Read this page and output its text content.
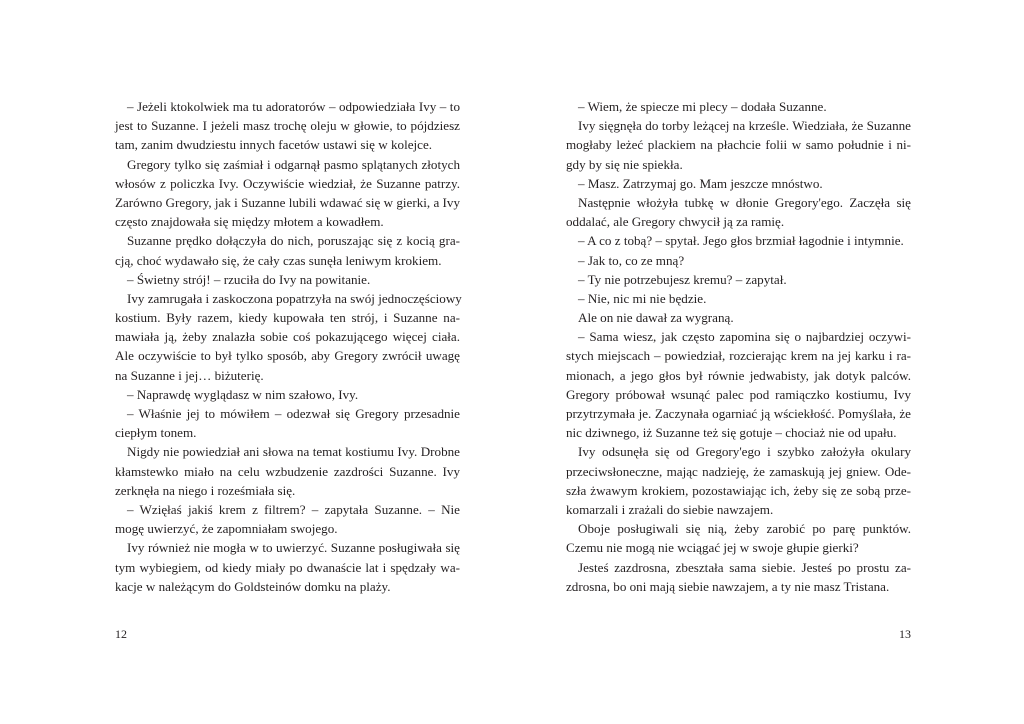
– Jeżeli ktokolwiek ma tu adoratorów – odpowiedziała Ivy – to
jest to Suzanne. I jeżeli masz trochę oleju w głowie, to pójdziesz
tam, zanim dwudziestu innych facetów ustawi się w kolejce.
Gregory tylko się zaśmiał i odgarnął pasmo splątanych złotych
włosów z policzka Ivy. Oczywiście wiedział, że Suzanne patrzy.
Zarówno Gregory, jak i Suzanne lubili wdawać się w gierki, a Ivy
często znajdowała się między młotem a kowadłem.
Suzanne prędko dołączyła do nich, poruszając się z kocią gra-
cją, choć wydawało się, że cały czas sunęła leniwym krokiem.
– Świetny strój! – rzuciła do Ivy na powitanie.
Ivy zamrugała i zaskoczona popatrzyła na swój jednoczęściowy
kostium. Były razem, kiedy kupowała ten strój, i Suzanne na-
mawiała ją, żeby znalazła sobie coś pokazującego więcej ciała.
Ale oczywiście to był tylko sposób, aby Gregory zwrócił uwagę
na Suzanne i jej… biżuterię.
– Naprawdę wyglądasz w nim szałowo, Ivy.
– Właśnie jej to mówiłem – odezwał się Gregory przesadnie
ciepłym tonem.
Nigdy nie powiedział ani słowa na temat kostiumu Ivy. Drobne
kłamstewko miało na celu wzbudzenie zazdrości Suzanne. Ivy
zerknęła na niego i roześmiała się.
– Wzięłaś jakiś krem z filtrem? – zapytała Suzanne. – Nie
mogę uwierzyć, że zapomniałam swojego.
Ivy również nie mogła w to uwierzyć. Suzanne posługiwała się
tym wybiegiem, od kiedy miały po dwanaście lat i spędzały wa-
kacje w należącym do Goldsteinów domku na plaży.
12
– Wiem, że spiecze mi plecy – dodała Suzanne.
Ivy sięgnęła do torby leżącej na krześle. Wiedziała, że Suzanne
mogłaby leżeć plackiem na płachcie folii w samo południe i ni-
gdy by się nie spiekła.
– Masz. Zatrzymaj go. Mam jeszcze mnóstwo.
Następnie włożyła tubkę w dłonie Gregory'ego. Zaczęła się
oddalać, ale Gregory chwycił ją za ramię.
– A co z tobą? – spytał. Jego głos brzmiał łagodnie i intymnie.
– Jak to, co ze mną?
– Ty nie potrzebujesz kremu? – zapytał.
– Nie, nic mi nie będzie.
Ale on nie dawał za wygraną.
– Sama wiesz, jak często zapomina się o najbardziej oczywi-
stych miejscach – powiedział, rozcierając krem na jej karku i ra-
mionach, a jego głos był równie jedwabisty, jak dotyk palców.
Gregory próbował wsunąć palec pod ramiączko kostiumu, Ivy
przytrzymała je. Zaczynała ogarniać ją wściekłość. Pomyślała, że
nic dziwnego, iż Suzanne też się gotuje – chociaż nie od upału.
Ivy odsunęła się od Gregory'ego i szybko założyła okulary
przeciwsłoneczne, mając nadzieję, że zamaskują jej gniew. Ode-
szła żwawym krokiem, pozostawiając ich, żeby się ze sobą prze-
komarzali i zrażali do siebie nawzajem.
Oboje posługiwali się nią, żeby zarobić po parę punktów.
Czemu nie mogą nie wciągać jej w swoje głupie gierki?
Jesteś zazdrosna, zbeształa sama siebie. Jesteś po prostu za-
zdrosna, bo oni mają siebie nawzajem, a ty nie masz Tristana.
13
